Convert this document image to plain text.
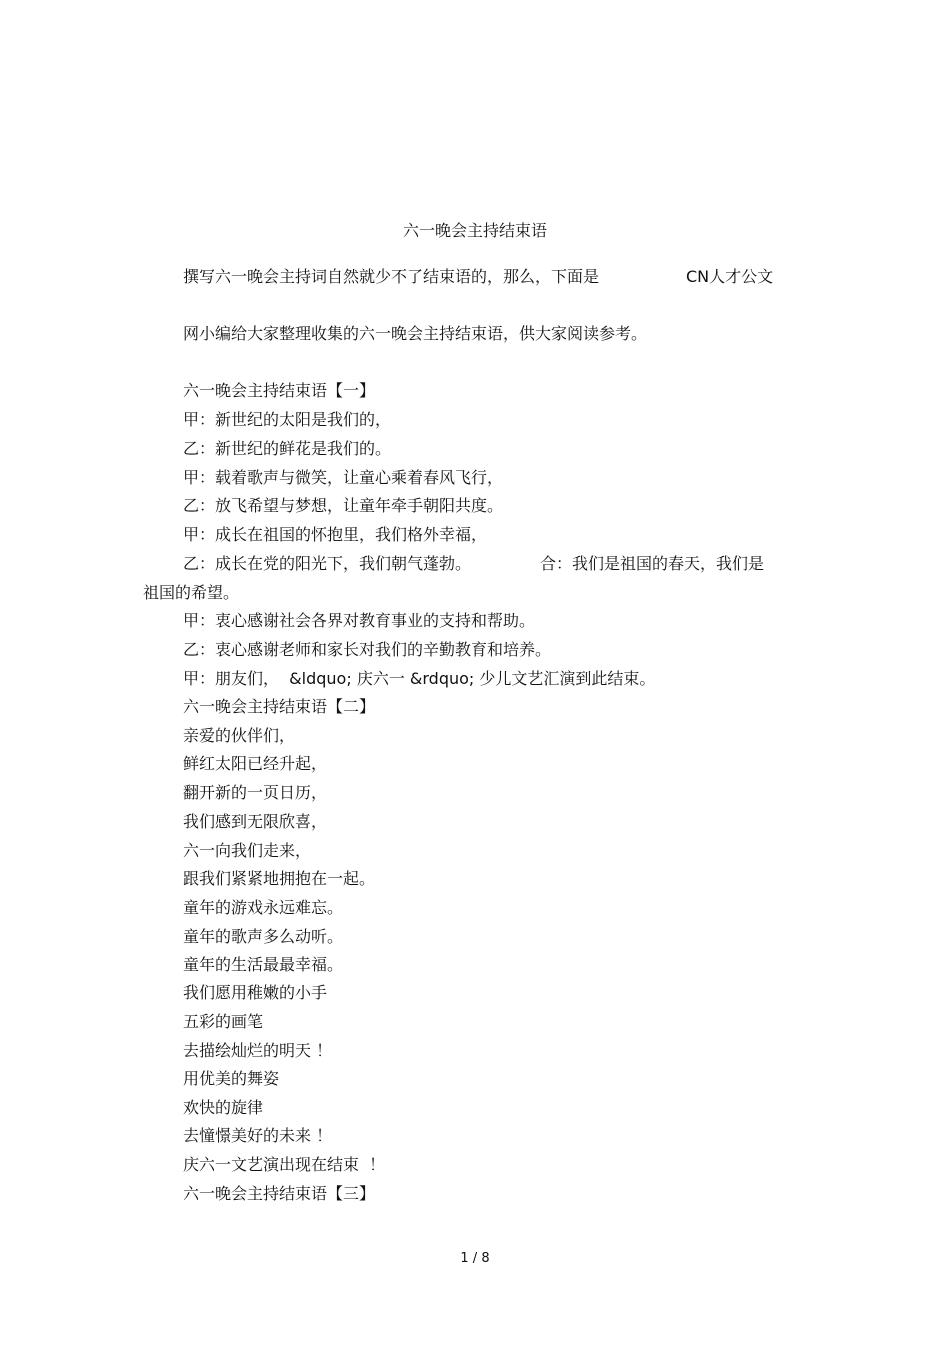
六一晚会主持结束语

撰写六一晚会主持词自然就少不了结束语的，那么，下面是	CN人才公文

网小编给大家整理收集的六一晚会主持结束语，供大家阅读参考。

六一晚会主持结束语【一】

甲：新世纪的太阳是我们的，

乙：新世纪的鲜花是我们的。

甲：载着歌声与微笑，让童心乘着春风飞行，

乙：放飞希望与梦想，让童年牵手朝阳共度。

甲：成长在祖国的怀抱里，我们格外幸福，

乙：成长在党的阳光下，我们朝气蓬勃。	合：我们是祖国的春天，我们是

祖国的希望。

甲：衷心感谢社会各界对教育事业的支持和帮助。

乙：衷心感谢老师和家长对我们的辛勤教育和培养。

甲：朋友们，  &ldquo; 庆六一 &rdquo; 少儿文艺汇演到此结束。

六一晚会主持结束语【二】

亲爱的伙伴们，

鲜红太阳已经升起，

翻开新的一页日历，

我们感到无限欣喜，

六一向我们走来，

跟我们紧紧地拥抱在一起。

童年的游戏永远难忘。

童年的歌声多么动听。

童年的生活最最幸福。

我们愿用稚嫩的小手

五彩的画笔

去描绘灿烂的明天 ！

用优美的舞姿

欢快的旋律

去憧憬美好的未来 ！

庆六一文艺演出现在结束  ！

六一晚会主持结束语【三】

1 / 8
